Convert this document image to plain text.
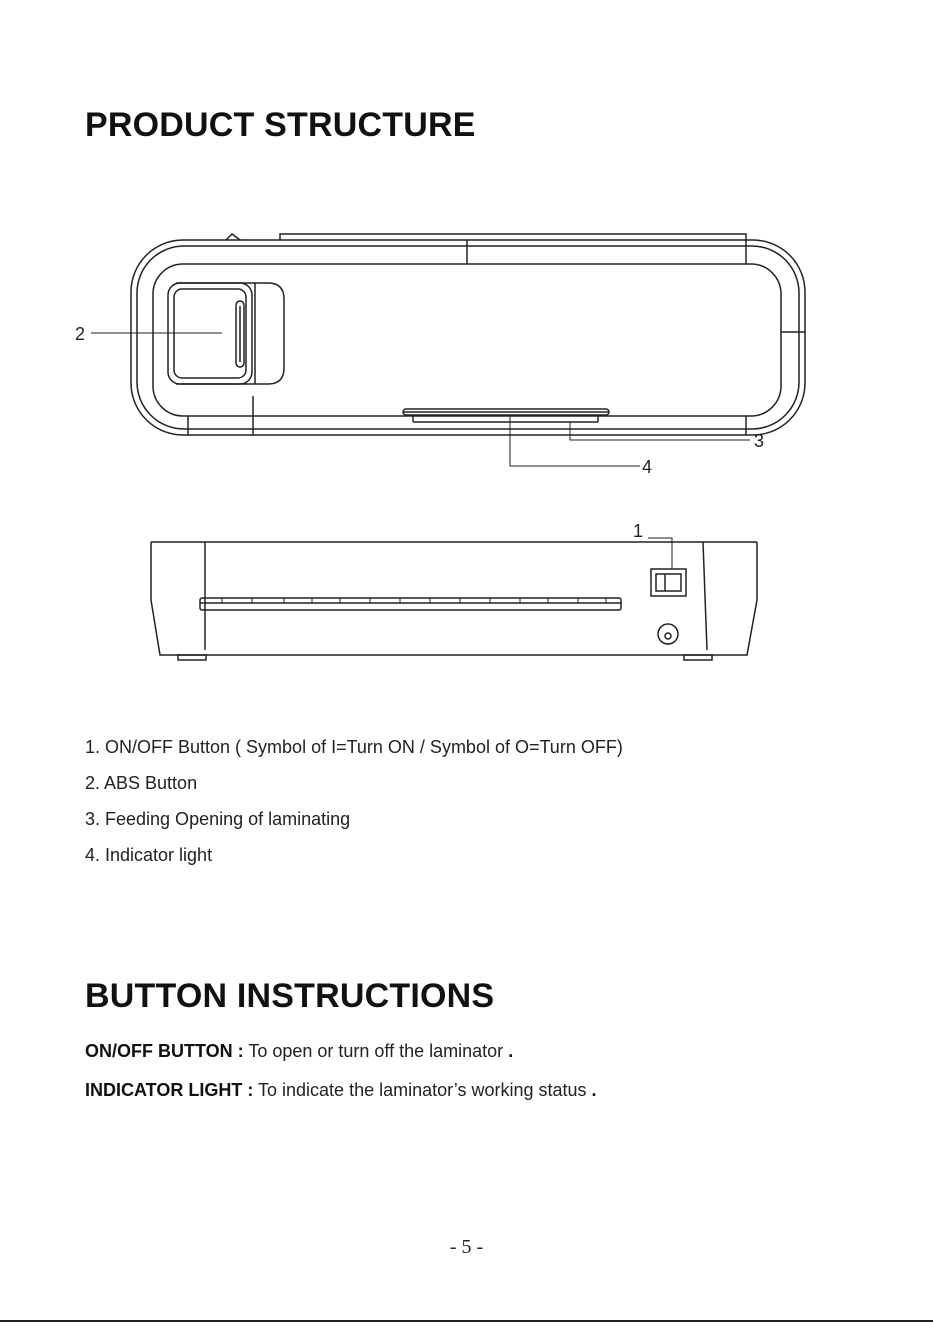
PRODUCT STRUCTURE
2
3
4
1
1. ON/OFF Button ( Symbol of I=Turn ON / Symbol of O=Turn OFF)
2. ABS Button
3. Feeding Opening of laminating
4. Indicator light
BUTTON INSTRUCTIONS
ON/OFF BUTTON : To open or turn off the laminator .
INDICATOR LIGHT : To indicate the laminator’s working status .
- 5 -
